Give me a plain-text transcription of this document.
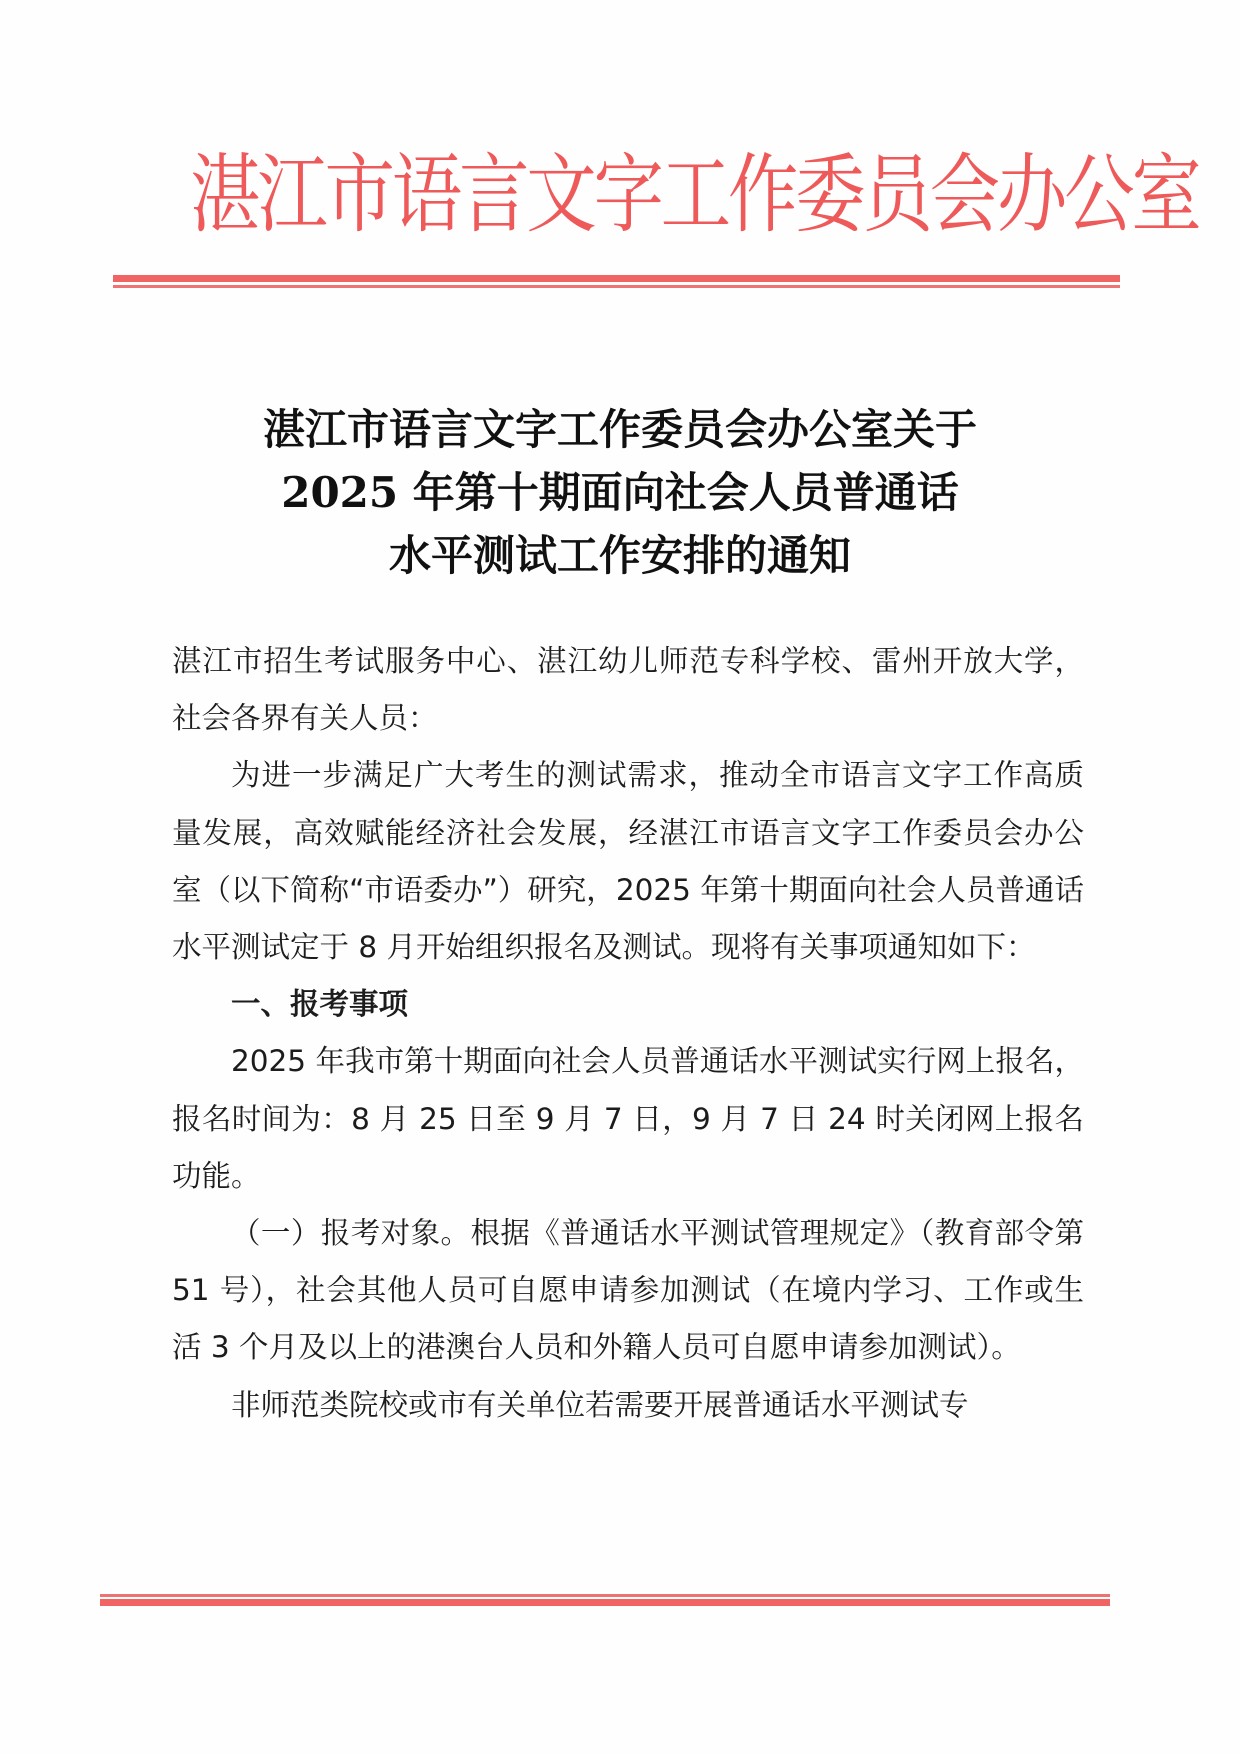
湛江市语言文字工作委员会办公室
湛江市语言文字工作委员会办公室关于
2025 年第十期面向社会人员普通话
水平测试工作安排的通知

湛江市招生考试服务中心、湛江幼儿师范专科学校、雷州开放大学，社会各界有关人员：

为进一步满足广大考生的测试需求，推动全市语言文字工作高质量发展，高效赋能经济社会发展，经湛江市语言文字工作委员会办公室（以下简称“市语委办”）研究，2025 年第十期面向社会人员普通话水平测试定于 8 月开始组织报名及测试。现将有关事项通知如下：

一、报考事项

2025 年我市第十期面向社会人员普通话水平测试实行网上报名，报名时间为：8 月 25 日至 9 月 7 日，9 月 7 日 24 时关闭网上报名功能。

（一）报考对象。根据《普通话水平测试管理规定》（教育部令第 51 号），社会其他人员可自愿申请参加测试（在境内学习、工作或生活 3 个月及以上的港澳台人员和外籍人员可自愿申请参加测试）。

非师范类院校或市有关单位若需要开展普通话水平测试专
